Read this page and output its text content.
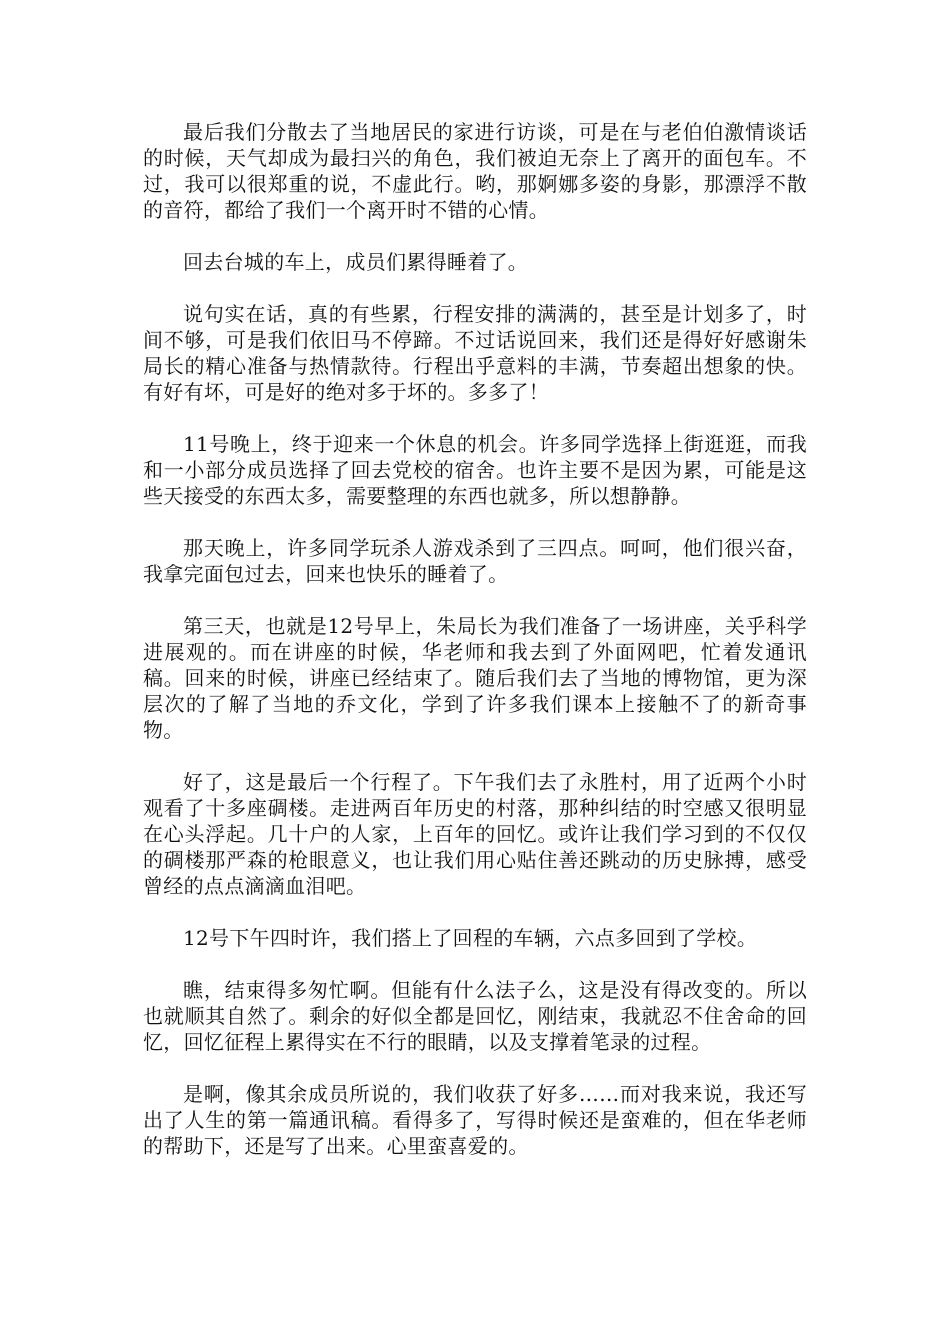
最后我们分散去了当地居民的家进行访谈，可是在与老伯伯激情谈话的时候，天气却成为最扫兴的角色，我们被迫无奈上了离开的面包车。不过，我可以很郑重的说，不虚此行。哟，那婀娜多姿的身影，那漂浮不散的音符，都给了我们一个离开时不错的心情。

回去台城的车上，成员们累得睡着了。

说句实在话，真的有些累，行程安排的满满的，甚至是计划多了，时间不够，可是我们依旧马不停蹄。不过话说回来，我们还是得好好感谢朱局长的精心准备与热情款待。行程出乎意料的丰满，节奏超出想象的快。有好有坏，可是好的绝对多于坏的。多多了！

11号晚上，终于迎来一个休息的机会。许多同学选择上街逛逛，而我和一小部分成员选择了回去党校的宿舍。也许主要不是因为累，可能是这些天接受的东西太多，需要整理的东西也就多，所以想静静。

那天晚上，许多同学玩杀人游戏杀到了三四点。呵呵，他们很兴奋，我拿完面包过去，回来也快乐的睡着了。

第三天，也就是12号早上，朱局长为我们准备了一场讲座，关乎科学进展观的。而在讲座的时候，华老师和我去到了外面网吧，忙着发通讯稿。回来的时候，讲座已经结束了。随后我们去了当地的博物馆，更为深层次的了解了当地的乔文化，学到了许多我们课本上接触不了的新奇事物。

好了，这是最后一个行程了。下午我们去了永胜村，用了近两个小时观看了十多座碉楼。走进两百年历史的村落，那种纠结的时空感又很明显在心头浮起。几十户的人家，上百年的回忆。或许让我们学习到的不仅仅的碉楼那严森的枪眼意义，也让我们用心贴住善还跳动的历史脉搏，感受曾经的点点滴滴血泪吧。

12号下午四时许，我们搭上了回程的车辆，六点多回到了学校。

瞧，结束得多匆忙啊。但能有什么法子么，这是没有得改变的。所以也就顺其自然了。剩余的好似全都是回忆，刚结束，我就忍不住舍命的回忆，回忆征程上累得实在不行的眼睛，以及支撑着笔录的过程。

是啊，像其余成员所说的，我们收获了好多……而对我来说，我还写出了人生的第一篇通讯稿。看得多了，写得时候还是蛮难的，但在华老师的帮助下，还是写了出来。心里蛮喜爱的。
